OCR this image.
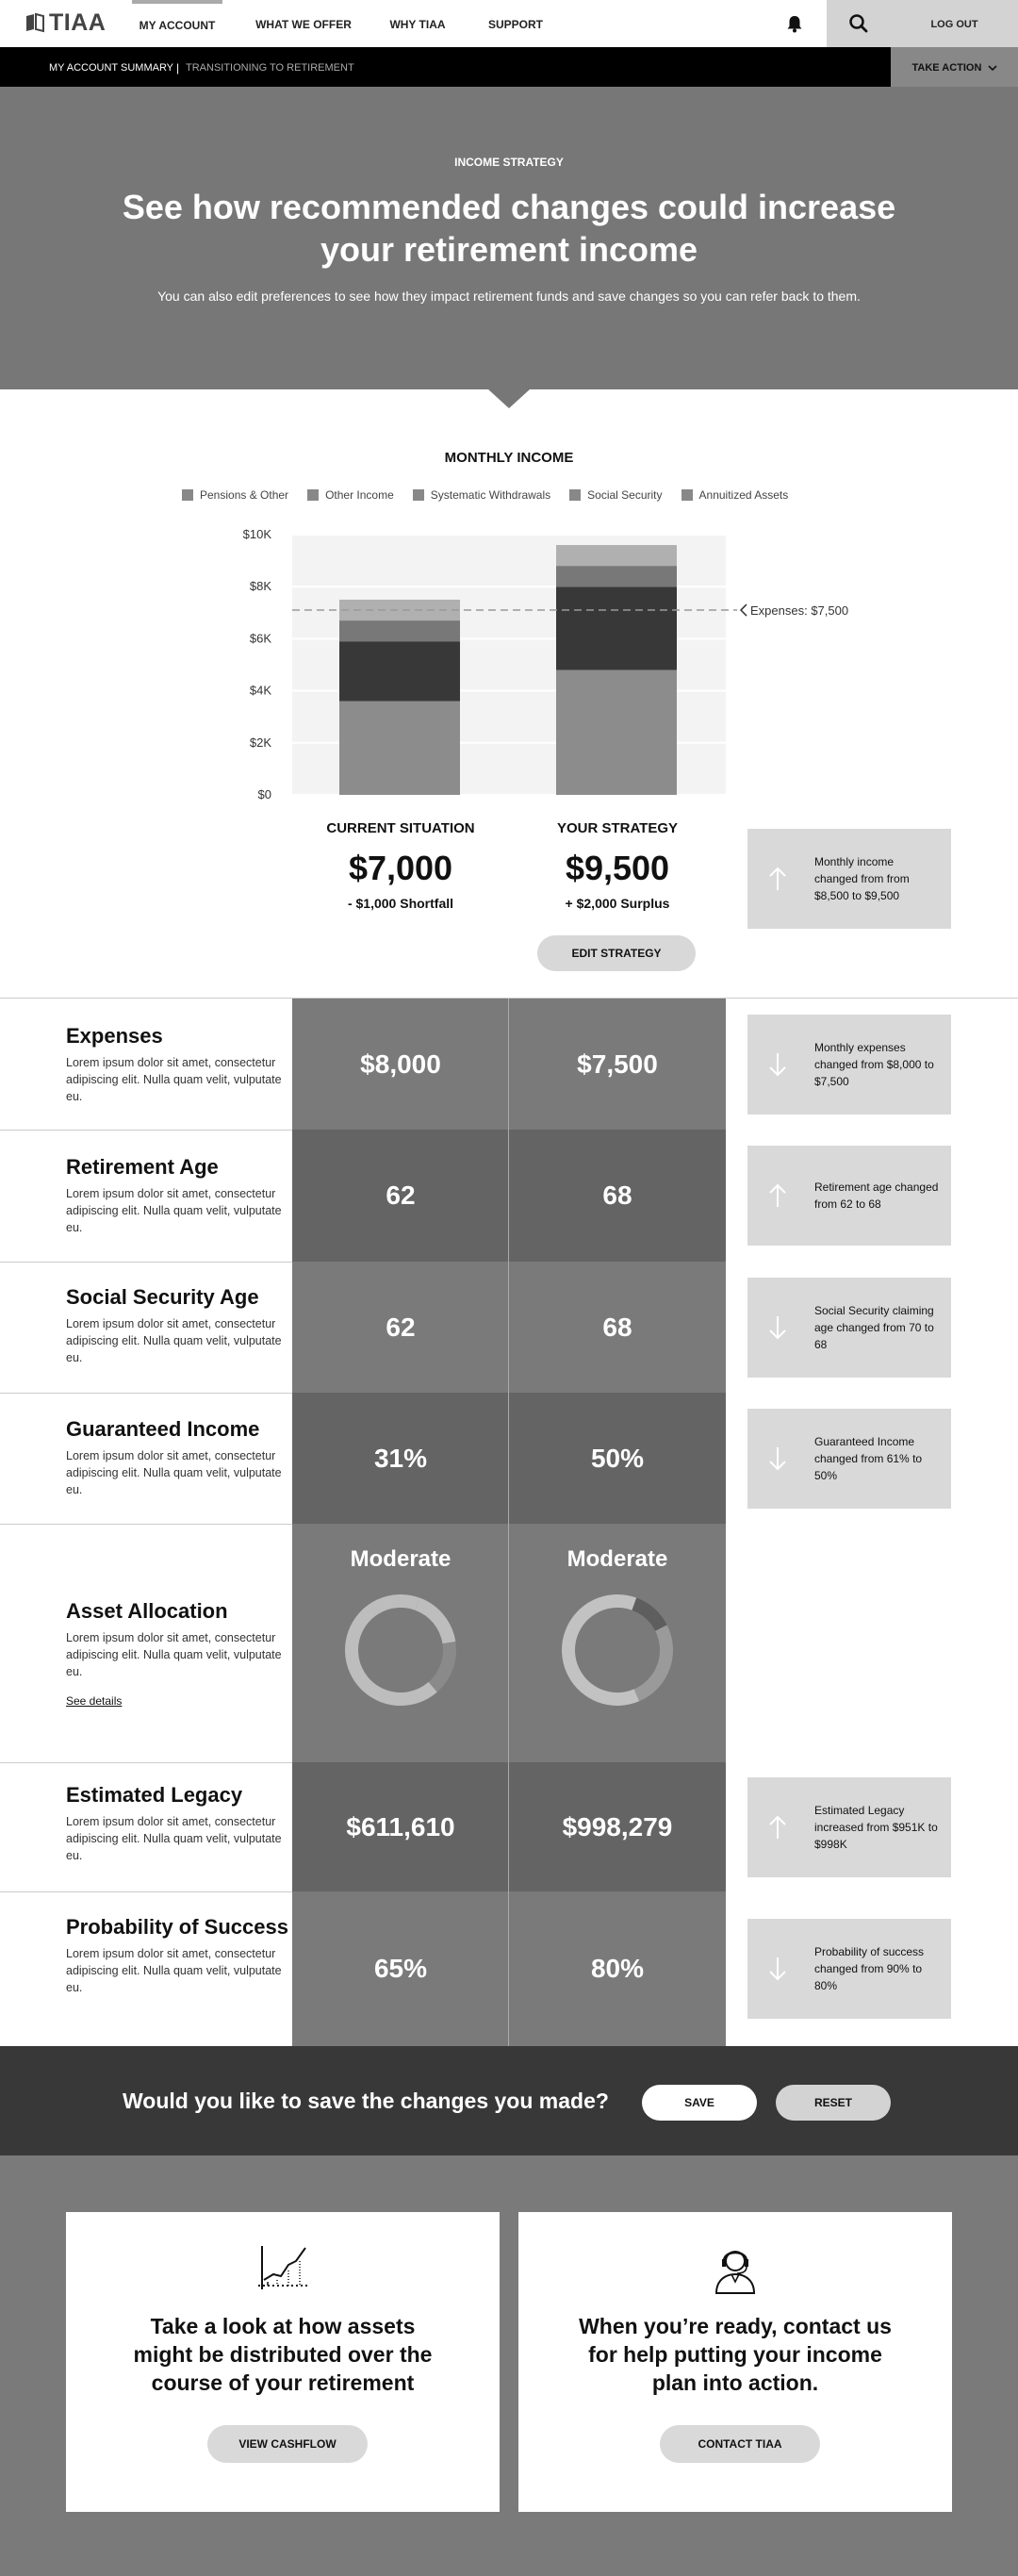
TIAA	MY ACCOUNT	WHAT WE OFFER	WHY TIAA	SUPPORT	LOG OUT
MY ACCOUNT SUMMARY | TRANSITIONING TO RETIREMENT	TAKE ACTION
INCOME STRATEGY
See how recommended changes could increase your retirement income
You can also edit preferences to see how they impact retirement funds and save changes so you can refer back to them.
MONTHLY INCOME
Pensions & Other	Other Income	Systematic Withdrawals	Social Security	Annuitized Assets
$0
$2K
$4K
$6K
$8K
$10K
Expenses: $7,500
CURRENT SITUATION
$7,000
- $1,000 Shortfall
YOUR STRATEGY
$9,500
+ $2,000 Surplus
EDIT STRATEGY
Monthly income changed from from $8,500 to $9,500
Expenses

Lorem ipsum dolor sit amet, consectetur adipiscing elit. Nulla quam velit, vulputate eu.

$8,000	$7,500
Monthly expenses changed from $8,000 to $7,500
Retirement Age

Lorem ipsum dolor sit amet, consectetur adipiscing elit. Nulla quam velit, vulputate eu.

62	68	Retirement age changed from 62 to 68
Social Security Age

Lorem ipsum dolor sit amet, consectetur adipiscing elit. Nulla quam velit, vulputate eu.

62	68
Social Security claiming age changed from 70 to 68
Guaranteed Income

Lorem ipsum dolor sit amet, consectetur adipiscing elit. Nulla quam velit, vulputate eu.

31%	50%
Guaranteed Income changed from 61% to 50%
Asset Allocation

Lorem ipsum dolor sit amet, consectetur adipiscing elit. Nulla quam velit, vulputate eu.

See details
Moderate	Moderate
Estimated Legacy

Lorem ipsum dolor sit amet, consectetur adipiscing elit. Nulla quam velit, vulputate eu.

$611,610	$998,279
Estimated Legacy increased from $951K to $998K
Probability of Success

Lorem ipsum dolor sit amet, consectetur adipiscing elit. Nulla quam velit, vulputate eu.

65%	80%
Probability of success changed from 90% to 80%
Would you like to save the changes you made?	SAVE	RESET
Take a look at how assets might be distributed over the course of your retirement
VIEW CASHFLOW
When you’re ready, contact us for help putting your income plan into action.
CONTACT TIAA
